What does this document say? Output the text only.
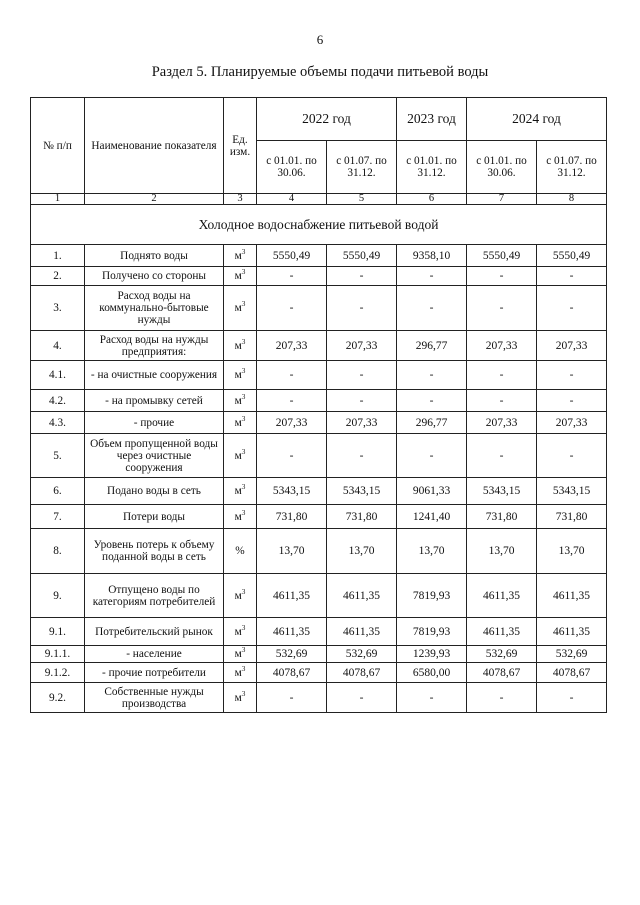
6
Раздел 5. Планируемые объемы подачи питьевой воды
№ п/п	Наименование показателя	Ед. изм.	2022 год		2023 год	2024 год	
			с 01.01. по 30.06.	с 01.07. по 31.12.	с 01.01. по 31.12.	с 01.01. по 30.06.	с 01.07. по 31.12.
1	2	3	4	5	6	7	8
Холодное водоснабжение питьевой водой							
1.	Поднято воды	$м^3$	5550,49	5550,49	9358,10	5550,49	5550,49
2.	Получено со стороны	$м^3$	-	-	-	-	-
3.	Расход воды на коммунально-бытовые нужды	$м^3$	-	-	-	-	-
4.	Расход воды на нужды предприятия:	$м^3$	207,33	207,33	296,77	207,33	207,33
4.1.	- на очистные сооружения	$м^3$	-	-	-	-	-
4.2.	- на промывку сетей	$м^3$	-	-	-	-	-
4.3.	- прочие	$м^3$	207,33	207,33	296,77	207,33	207,33
5.	Объем пропущенной воды через очистные сооружения	$м^3$	-	-	-	-	-
6.	Подано воды в сеть	$м^3$	5343,15	5343,15	9061,33	5343,15	5343,15
7.	Потери воды	$м^3$	731,80	731,80	1241,40	731,80	731,80
8.	Уровень потерь к объему поданной воды в сеть	%	13,70	13,70	13,70	13,70	13,70
9.	Отпущено воды по категориям потребителей	$м^3$	4611,35	4611,35	7819,93	4611,35	4611,35
9.1.	Потребительский рынок	$м^3$	4611,35	4611,35	7819,93	4611,35	4611,35
9.1.1.	- население	$м^3$	532,69	532,69	1239,93	532,69	532,69
9.1.2.	- прочие потребители	$м^3$	4078,67	4078,67	6580,00	4078,67	4078,67
9.2.	Собственные нужды производства	$м^3$	-	-	-	-	-
